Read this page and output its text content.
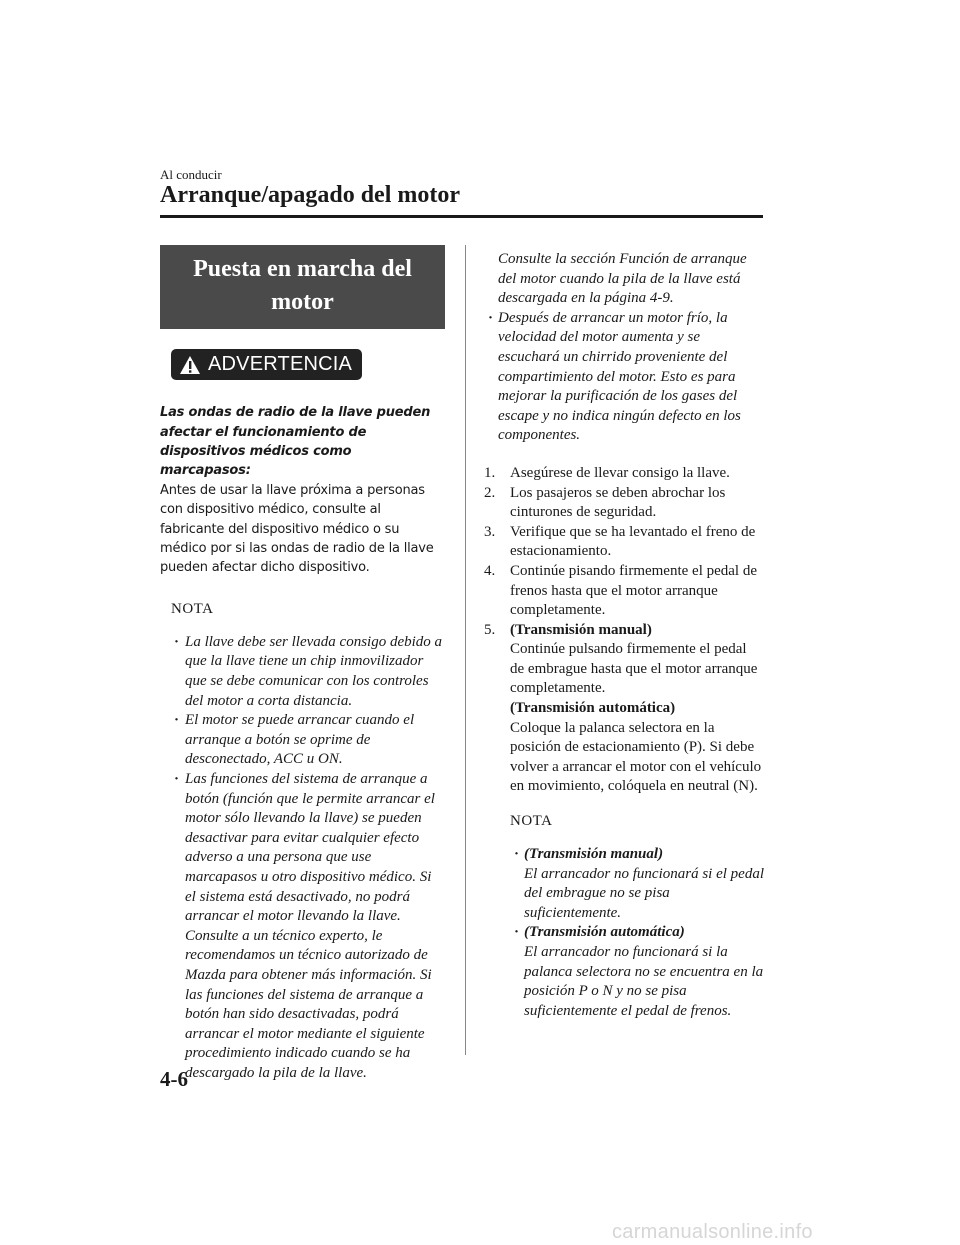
Al conducir
Arranque/apagado del motor
Puesta en marcha del motor
ADVERTENCIA
Las ondas de radio de la llave pueden afectar el funcionamiento de dispositivos médicos como marcapasos:
Antes de usar la llave próxima a personas con dispositivo médico, consulte al fabricante del dispositivo médico o su médico por si las ondas de radio de la llave pueden afectar dicho dispositivo.
NOTA
· La llave debe ser llevada consigo debido a que la llave tiene un chip inmovilizador que se debe comunicar con los controles del motor a corta distancia.
· El motor se puede arrancar cuando el arranque a botón se oprime de desconectado, ACC u ON.
· Las funciones del sistema de arranque a botón (función que le permite arrancar el motor sólo llevando la llave) se pueden desactivar para evitar cualquier efecto adverso a una persona que use marcapasos u otro dispositivo médico. Si el sistema está desactivado, no podrá arrancar el motor llevando la llave. Consulte a un técnico experto, le recomendamos un técnico autorizado de Mazda para obtener más información. Si las funciones del sistema de arranque a botón han sido desactivadas, podrá arrancar el motor mediante el siguiente procedimiento indicado cuando se ha descargado la pila de la llave.
Consulte la sección Función de arranque del motor cuando la pila de la llave está descargada en la página 4-9.
· Después de arrancar un motor frío, la velocidad del motor aumenta y se escuchará un chirrido proveniente del compartimiento del motor. Esto es para mejorar la purificación de los gases del escape y no indica ningún defecto en los componentes.
1. Asegúrese de llevar consigo la llave.
2. Los pasajeros se deben abrochar los cinturones de seguridad.
3. Verifique que se ha levantado el freno de estacionamiento.
4. Continúe pisando firmemente el pedal de frenos hasta que el motor arranque completamente.
5. (Transmisión manual)
Continúe pulsando firmemente el pedal de embrague hasta que el motor arranque completamente.
(Transmisión automática)
Coloque la palanca selectora en la posición de estacionamiento (P). Si debe volver a arrancar el motor con el vehículo en movimiento, colóquela en neutral (N).
NOTA
· (Transmisión manual)
El arrancador no funcionará si el pedal del embrague no se pisa suficientemente.
· (Transmisión automática)
El arrancador no funcionará si la palanca selectora no se encuentra en la posición P o N y no se pisa suficientemente el pedal de frenos.
4-6
carmanualsonline.info
